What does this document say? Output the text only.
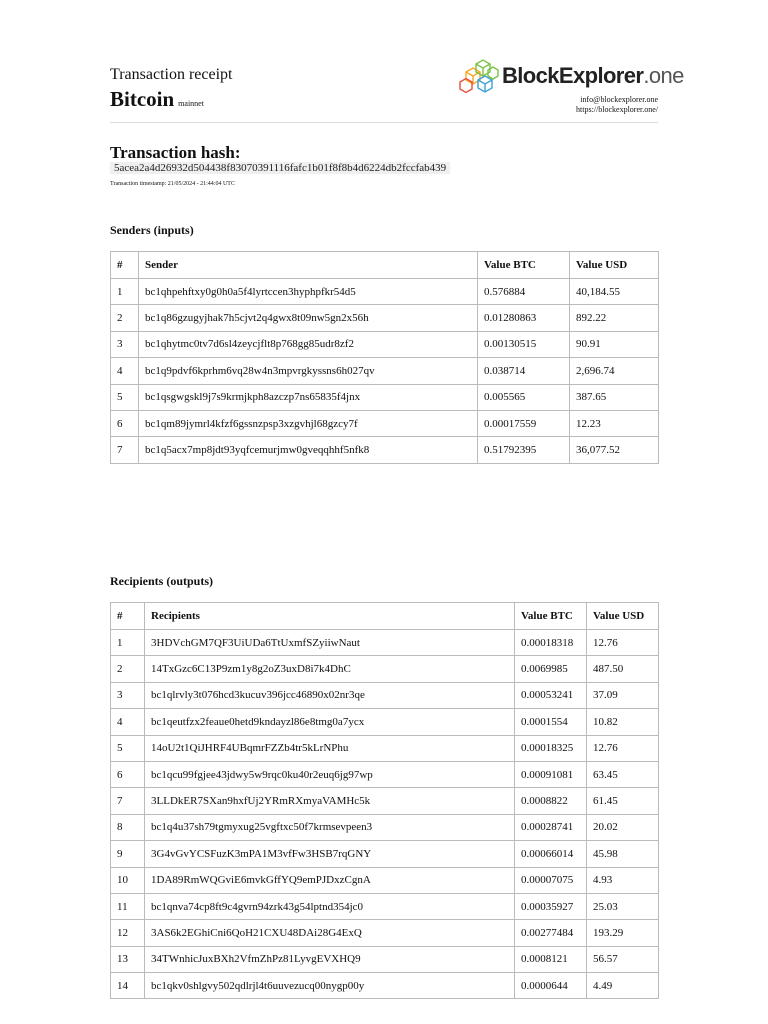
Transaction receipt
Bitcoin mainnet
BlockExplorer.one
info@blockexplorer.one
https://blockexplorer.one/
Transaction hash:
5acea2a4d26932d504438f83070391116fafc1b01f8f8b4d6224db2fccfab439
Transaction timestamp: 21/05/2024 - 21:44:04 UTC
Senders (inputs)
#	Sender	Value BTC	Value USD
1	bc1qhpehftxy0g0h0a5f4lyrtccen3hyphpfkr54d5	0.576884	40,184.55
2	bc1q86gzugyjhak7h5cjvt2q4gwx8t09nw5gn2x56h	0.01280863	892.22
3	bc1qhytmc0tv7d6sl4zeycjflt8p768gg85udr8zf2	0.00130515	90.91
4	bc1q9pdvf6kprhm6vq28w4n3mpvrgkyssns6h027qv	0.038714	2,696.74
5	bc1qsgwgskl9j7s9krmjkph8azczp7ns65835f4jnx	0.005565	387.65
6	bc1qm89jymrl4kfzf6gssnzpsp3xzgvhjl68gzcy7f	0.00017559	12.23
7	bc1q5acx7mp8jdt93yqfcemurjmw0gveqqhhf5nfk8	0.51792395	36,077.52
Recipients (outputs)
#	Recipients	Value BTC	Value USD
1	3HDVchGM7QF3UiUDa6TtUxmfSZyiiwNaut	0.00018318	12.76
2	14TxGzc6C13P9zm1y8g2oZ3uxD8i7k4DhC	0.0069985	487.50
3	bc1qlrvly3t076hcd3kucuv396jcc46890x02nr3qe	0.00053241	37.09
4	bc1qeutfzx2feaue0hetd9kndayzl86e8tmg0a7ycx	0.0001554	10.82
5	14oU2t1QiJHRF4UBqmrFZZb4tr5kLrNPhu	0.00018325	12.76
6	bc1qcu99fgjee43jdwy5w9rqc0ku40r2euq6jg97wp	0.00091081	63.45
7	3LLDkER7SXan9hxfUj2YRmRXmyaVAMHc5k	0.0008822	61.45
8	bc1q4u37sh79tgmyxug25vgftxc50f7krmsevpeen3	0.00028741	20.02
9	3G4vGvYCSFuzK3mPA1M3vfFw3HSB7rqGNY	0.00066014	45.98
10	1DA89RmWQGviE6mvkGffYQ9emPJDxzCgnA	0.00007075	4.93
11	bc1qnva74cp8ft9c4gvrn94zrk43g54lptnd354jc0	0.00035927	25.03
12	3AS6k2EGhiCni6QoH21CXU48DAi28G4ExQ	0.00277484	193.29
13	34TWnhicJuxBXh2VfmZhPz81LyvgEVXHQ9	0.0008121	56.57
14	bc1qkv0shlgvy502qdlrjl4t6uuvezucq00nygp00y	0.0000644	4.49
